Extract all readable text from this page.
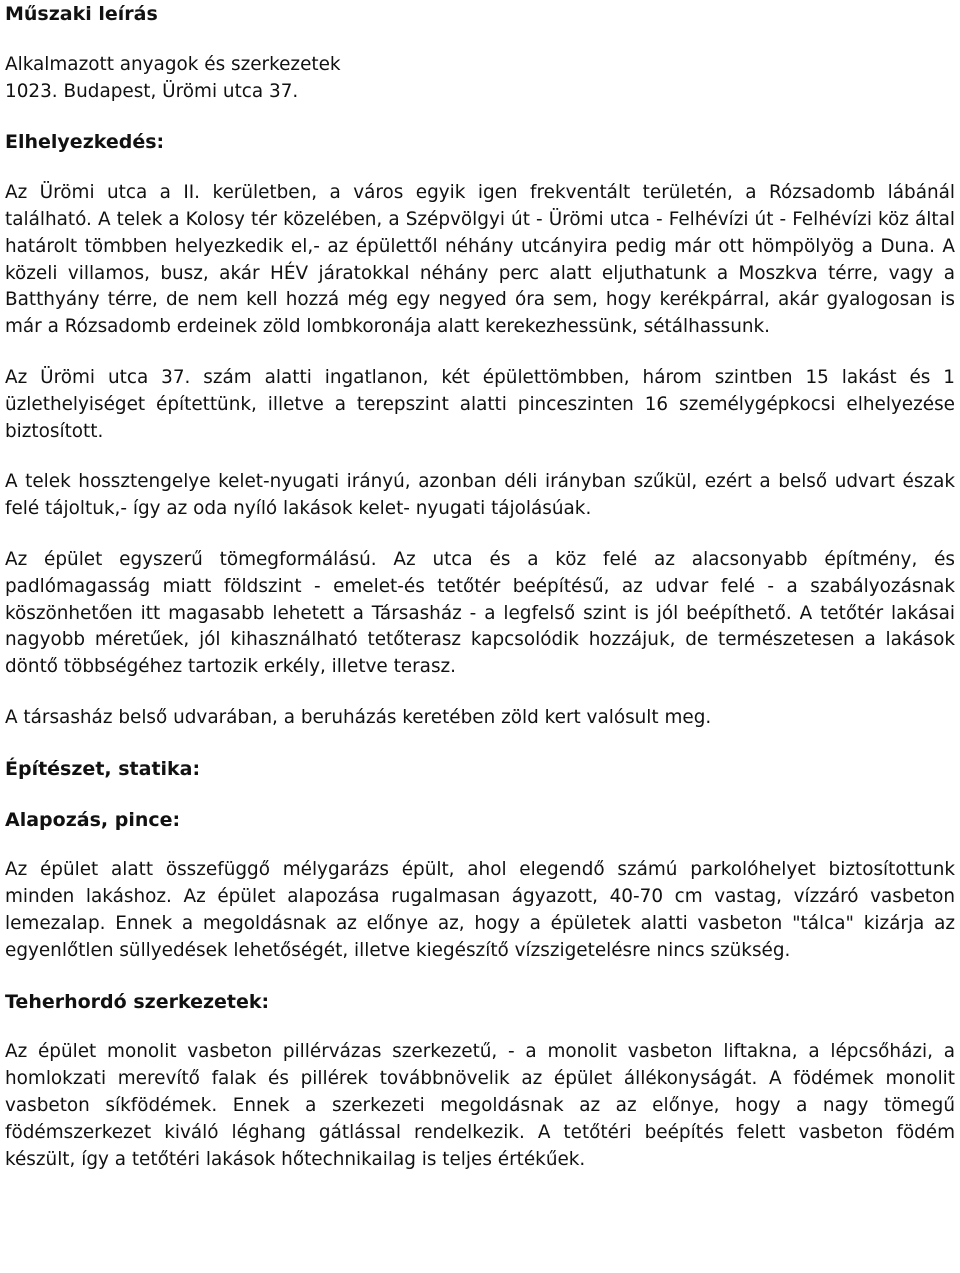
Műszaki leírás
Alkalmazott anyagok és szerkezetek
1023. Budapest, Ürömi utca 37.
Elhelyezkedés:

Az Ürömi utca a II. kerületben, a város egyik igen frekventált területén, a Rózsadomb lábánál található. A telek a Kolosy tér közelében, a Szépvölgyi út - Ürömi utca - Felhévízi út - Felhévízi köz által határolt tömbben helyezkedik el,- az épülettől néhány utcányira pedig már ott hömpölyög a Duna. A közeli villamos, busz, akár HÉV járatokkal néhány perc alatt eljuthatunk a Moszkva térre, vagy a Batthyány térre, de nem kell hozzá még egy negyed óra sem, hogy kerékpárral, akár gyalogosan is már a Rózsadomb erdeinek zöld lombkoronája alatt kerekezhessünk, sétálhassunk.

Az Ürömi utca 37. szám alatti ingatlanon, két épülettömbben, három szintben 15 lakást és 1 üzlethelyiséget építettünk, illetve a terepszint alatti pinceszinten 16 személygépkocsi elhelyezése biztosított.

A telek hossztengelye kelet-nyugati irányú, azonban déli irányban szűkül, ezért a belső udvart észak felé tájoltuk,- így az oda nyíló lakások kelet- nyugati tájolásúak.

Az épület egyszerű tömegformálású. Az utca és a köz felé az alacsonyabb építmény, és padlómagasság miatt földszint - emelet-és tetőtér beépítésű, az udvar felé - a szabályozásnak köszönhetően itt magasabb lehetett a Társasház - a legfelső szint is jól beépíthető. A tetőtér lakásai nagyobb méretűek, jól kihasználható tetőterasz kapcsolódik hozzájuk, de természetesen a lakások döntő többségéhez tartozik erkély, illetve terasz.

A társasház belső udvarában, a beruházás keretében zöld kert valósult meg.

Építészet, statika:
Alapozás, pince:

Az épület alatt összefüggő mélygarázs épült, ahol elegendő számú parkolóhelyet biztosítottunk minden lakáshoz. Az épület alapozása rugalmasan ágyazott, 40-70 cm vastag, vízzáró vasbeton lemezalap. Ennek a megoldásnak az előnye az, hogy a épületek alatti vasbeton "tálca" kizárja az egyenlőtlen süllyedések lehetőségét, illetve kiegészítő vízszigetelésre nincs szükség.

Teherhordó szerkezetek:

Az épület monolit vasbeton pillérvázas szerkezetű, - a monolit vasbeton liftakna, a lépcsőházi, a homlokzati merevítő falak és pillérek továbbnövelik az épület állékonyságát. A födémek monolit vasbeton síkfödémek. Ennek a szerkezeti megoldásnak az az előnye, hogy a nagy tömegű födémszerkezet kiváló léghang gátlással rendelkezik. A tetőtéri beépítés felett vasbeton födém készült, így a tetőtéri lakások hőtechnikailag is teljes értékűek.
